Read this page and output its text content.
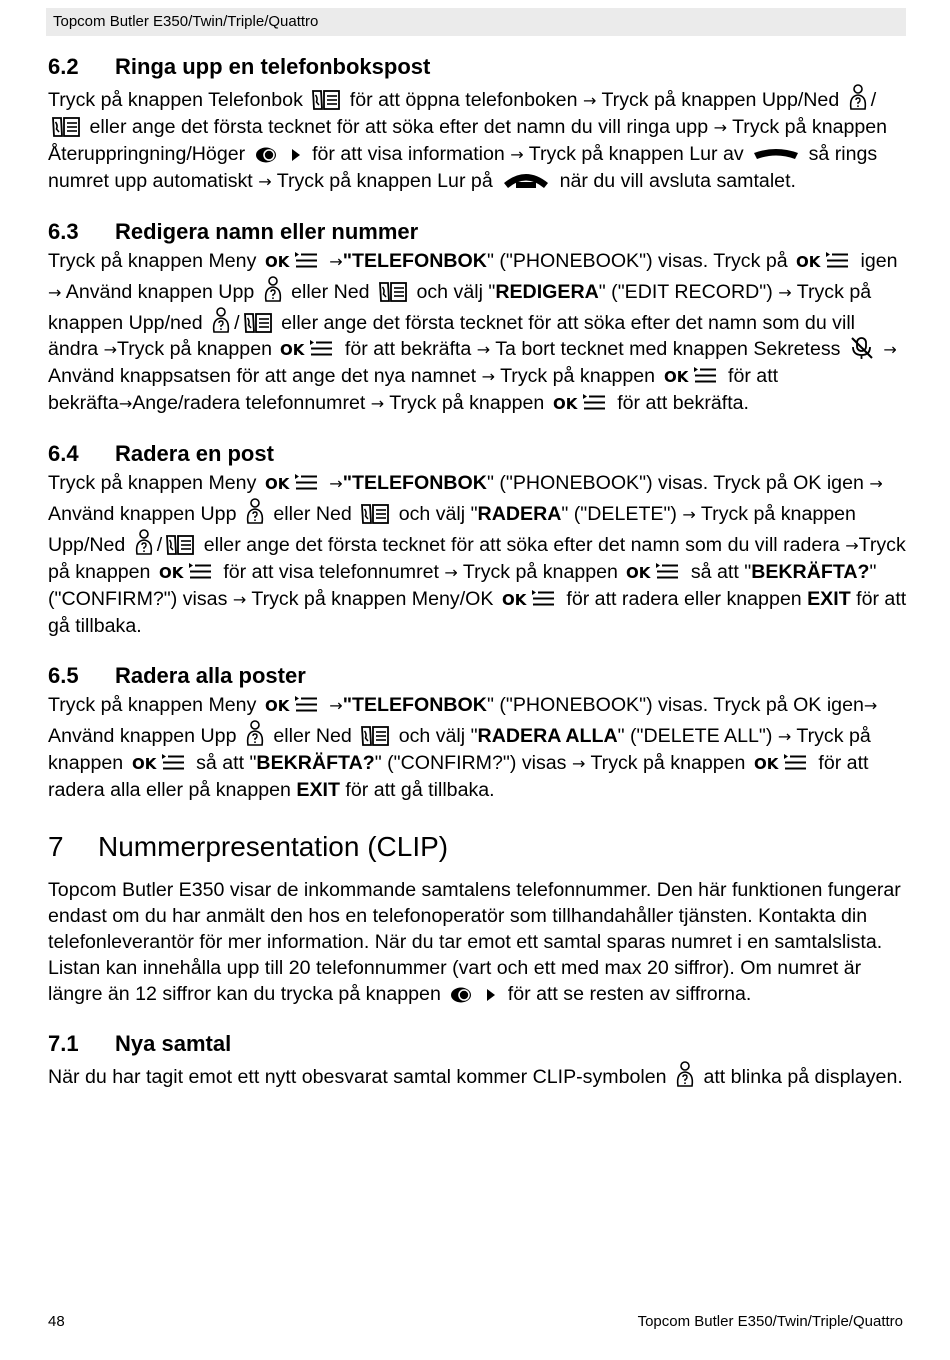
Topcom Butler E350/Twin/Triple/Quattro
6.2 Ringa upp en telefonbokspost

Tryck på knappen Telefonbok för att öppna telefonboken → Tryck på knappen Upp/Ned /
eller ange det första tecknet för att söka efter det namn du vill ringa upp → Tryck på knappen Återuppringning/Höger	för att visa information → Tryck på knappen Lur av	så rings numret upp automatiskt → Tryck på knappen Lur på	när du vill avsluta samtalet.

6.3 Redigera namn eller nummer

Tryck på knappen Meny OK	→"TELEFONBOK" ("PHONEBOOK") visas. Tryck på OK igen → Använd knappen Upp eller Ned och välj "REDIGERA" ("EDIT RECORD") → Tryck på knappen Upp/ned / eller ange det första tecknet för att söka efter det namn som du vill ändra →Tryck på knappen OK för att bekräfta → Ta bort tecknet med knappen Sekretess	→ Använd knappsatsen för att ange det nya namnet → Tryck på knappen OK för att bekräfta→Ange/radera telefonnumret → Tryck på knappen OK för att bekräfta.

6.4 Radera en post

Tryck på knappen Meny OK	→"TELEFONBOK" ("PHONEBOOK") visas. Tryck på OK igen → Använd knappen Upp eller Ned och välj "RADERA" ("DELETE") → Tryck på knappen Upp/Ned / eller ange det första tecknet för att söka efter det namn som du vill radera →Tryck på knappen OK för att visa telefonnumret → Tryck på knappen OK så att "BEKRÄFTA?" ("CONFIRM?") visas → Tryck på knappen Meny/OK OK för att radera eller knappen EXIT för att gå tillbaka.

6.5 Radera alla poster

Tryck på knappen Meny OK	→"TELEFONBOK" ("PHONEBOOK") visas. Tryck på OK igen→ Använd knappen Upp eller Ned och välj "RADERA ALLA" ("DELETE ALL") → Tryck på knappen OK så att "BEKRÄFTA?" ("CONFIRM?") visas → Tryck på knappen OK för att radera alla eller på knappen EXIT för att gå tillbaka.

7 Nummerpresentation (CLIP)

Topcom Butler E350 visar de inkommande samtalens telefonnummer. Den här funktionen fungerar endast om du har anmält den hos en telefonoperatör som tillhandahåller tjänsten. Kontakta din telefonleverantör för mer information. När du tar emot ett samtal sparas numret i en samtalslista. Listan kan innehålla upp till 20 telefonnummer (vart och ett med max 20 siffror). Om numret är längre än 12 siffror kan du trycka på knappen	för att se resten av siffrorna.

7.1 Nya samtal

När du har tagit emot ett nytt obesvarat samtal kommer CLIP-symbolen att blinka på displayen.

48	Topcom Butler E350/Twin/Triple/Quattro
